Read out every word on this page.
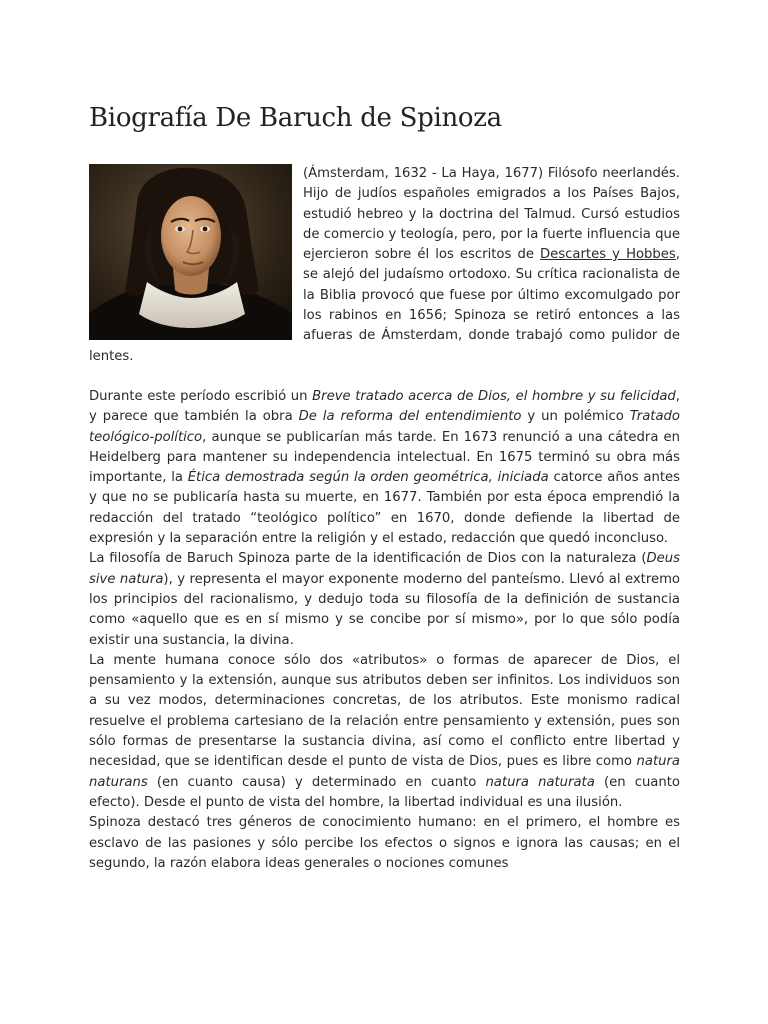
Biografía De Baruch de Spinoza

(Ámsterdam, 1632 - La Haya, 1677) Filósofo neerlandés. Hijo de judíos españoles emigrados a los Países Bajos, estudió hebreo y la doctrina del Talmud. Cursó estudios de comercio y teología, pero, por la fuerte influencia que ejercieron sobre él los escritos de Descartes y Hobbes, se alejó del judaísmo ortodoxo. Su crítica racionalista de la Biblia provocó que fuese por último excomulgado por los rabinos en 1656; Spinoza se retiró entonces a las afueras de Ámsterdam, donde trabajó como pulidor de lentes.

Durante este período escribió un Breve tratado acerca de Dios, el hombre y su felicidad, y parece que también la obra De la reforma del entendimiento y un polémico Tratado teológico-político, aunque se publicarían más tarde. En 1673 renunció a una cátedra en Heidelberg para mantener su independencia intelectual. En 1675 terminó su obra más importante, la Ética demostrada según la orden geométrica, iniciada catorce años antes y que no se publicaría hasta su muerte, en 1677. También por esta época emprendió la redacción del tratado “teológico político” en 1670, donde defiende la libertad de expresión y la separación entre la religión y el estado, redacción que quedó inconcluso.

La filosofía de Baruch Spinoza parte de la identificación de Dios con la naturaleza (Deus sive natura), y representa el mayor exponente moderno del panteísmo. Llevó al extremo los principios del racionalismo, y dedujo toda su filosofía de la definición de sustancia como «aquello que es en sí mismo y se concibe por sí mismo», por lo que sólo podía existir una sustancia, la divina.

La mente humana conoce sólo dos «atributos» o formas de aparecer de Dios, el pensamiento y la extensión, aunque sus atributos deben ser infinitos. Los individuos son a su vez modos, determinaciones concretas, de los atributos. Este monismo radical resuelve el problema cartesiano de la relación entre pensamiento y extensión, pues son sólo formas de presentarse la sustancia divina, así como el conflicto entre libertad y necesidad, que se identifican desde el punto de vista de Dios, pues es libre como natura naturans (en cuanto causa) y determinado en cuanto natura naturata (en cuanto efecto). Desde el punto de vista del hombre, la libertad individual es una ilusión.

Spinoza destacó tres géneros de conocimiento humano: en el primero, el hombre es esclavo de las pasiones y sólo percibe los efectos o signos e ignora las causas; en el segundo, la razón elabora ideas generales o nociones comunes
